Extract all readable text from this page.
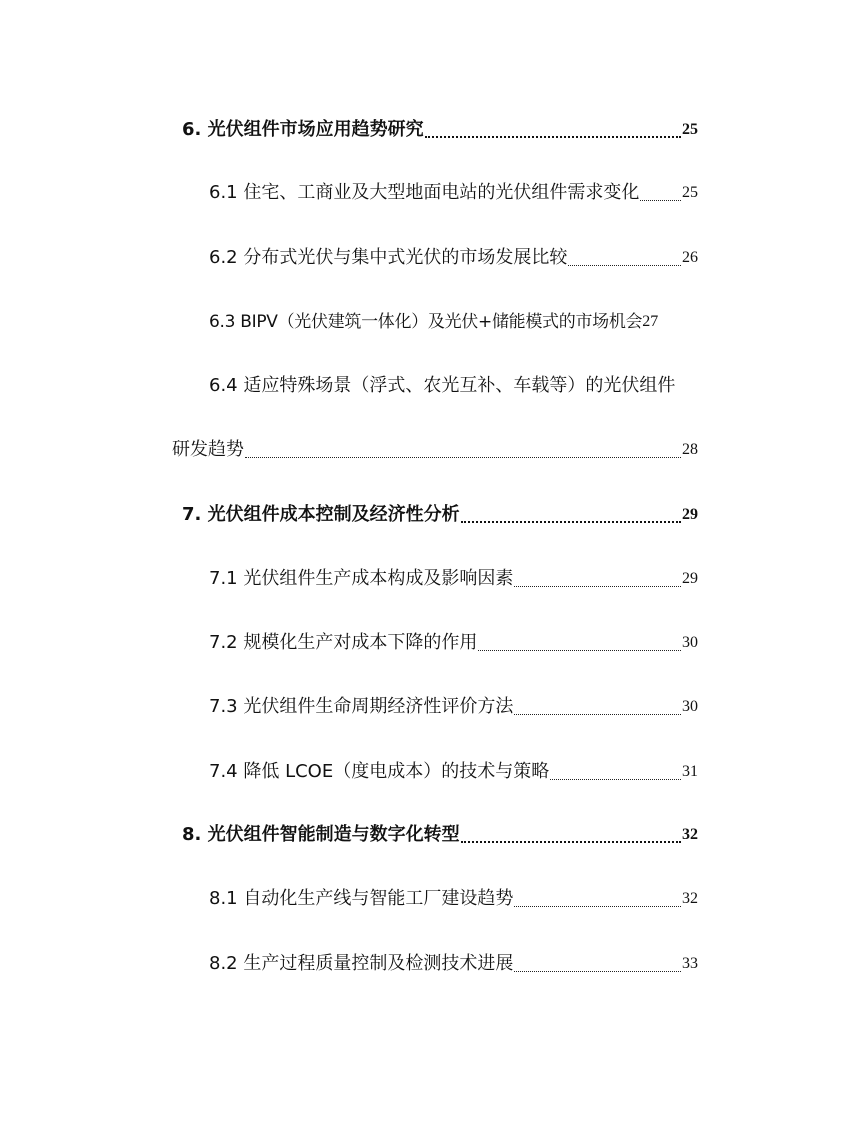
6. 光伏组件市场应用趋势研究	25
6.1 住宅、工商业及大型地面电站的光伏组件需求变化	25
6.2 分布式光伏与集中式光伏的市场发展比较	26
6.3 BIPV（光伏建筑一体化）及光伏+储能模式的市场机会 27
6.4 适应特殊场景（浮式、农光互补、车载等）的光伏组件
研发趋势	28
7. 光伏组件成本控制及经济性分析	29
7.1 光伏组件生产成本构成及影响因素	29
7.2 规模化生产对成本下降的作用	30
7.3 光伏组件生命周期经济性评价方法	30
7.4 降低 LCOE（度电成本）的技术与策略	31
8. 光伏组件智能制造与数字化转型	32
8.1 自动化生产线与智能工厂建设趋势	32
8.2 生产过程质量控制及检测技术进展	33
